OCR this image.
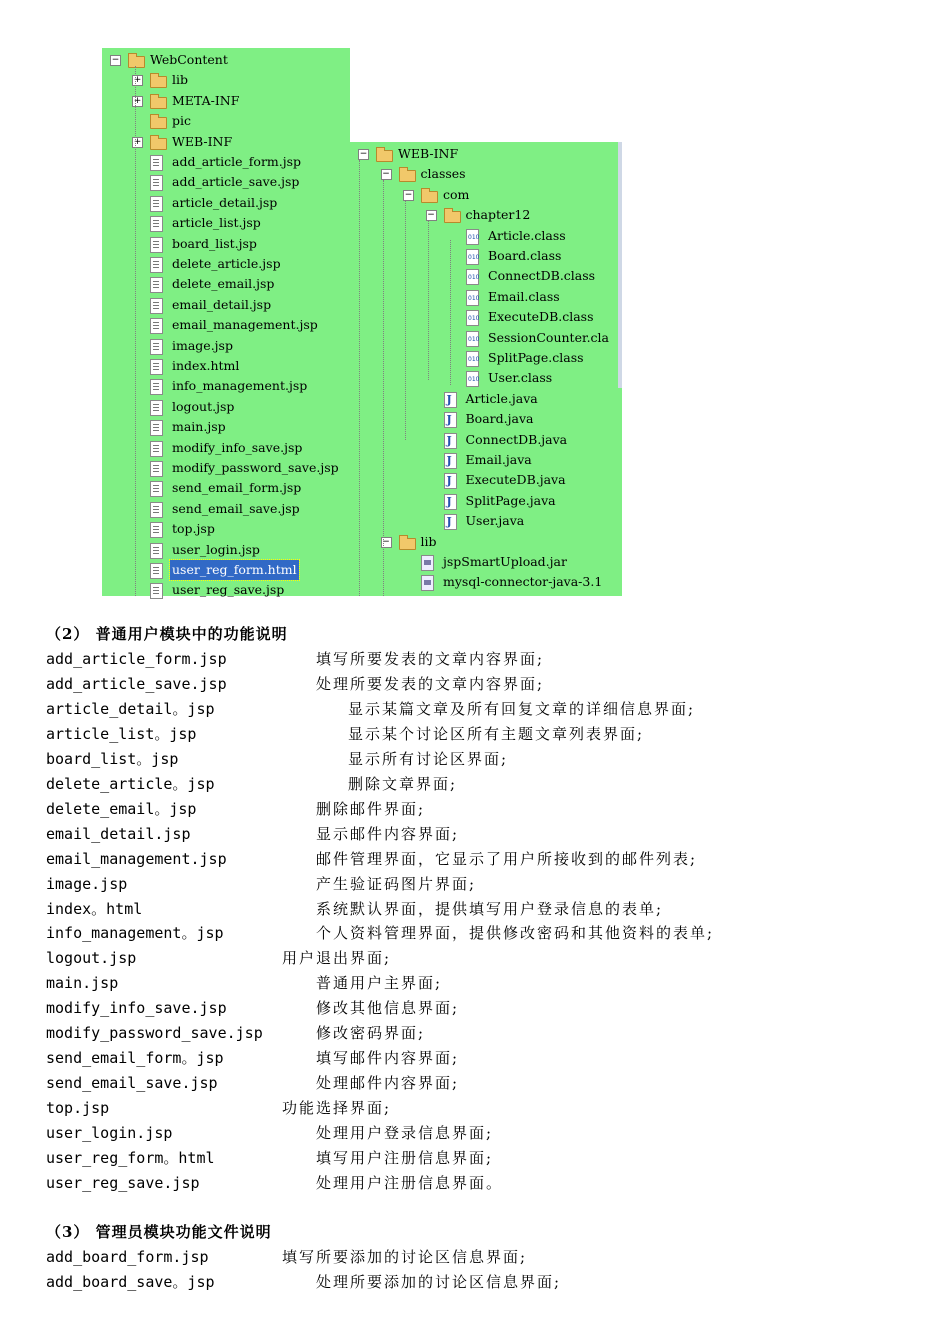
− WebContent
+ lib
+ META-INF
pic
+ WEB-INF
add_article_form.jsp
add_article_save.jsp
article_detail.jsp
article_list.jsp
board_list.jsp
delete_article.jsp
delete_email.jsp
email_detail.jsp
email_management.jsp
image.jsp
index.html
info_management.jsp
logout.jsp
main.jsp
modify_info_save.jsp
modify_password_save.jsp
send_email_form.jsp
send_email_save.jsp
top.jsp
user_login.jsp
user_reg_form.html
user_reg_save.jsp
− WEB-INF
− classes
− com
− chapter12
010
Article.class
010
Board.class
010
ConnectDB.class
010
Email.class
010
ExecuteDB.class
010
SessionCounter.cla
010
SplitPage.class
010
User.class
J
Article.java
J
Board.java
J
ConnectDB.java
J
Email.java
J
ExecuteDB.java
J
SplitPage.java
J
User.java
− lib
jspSmartUpload.jar
mysql-connector-java-3.1
（2） 普通用户模块中的功能说明
add_article_form.jsp	填写所要发表的文章内容界面;
add_article_save.jsp	处理所要发表的文章内容界面;
article_detail。jsp	显示某篇文章及所有回复文章的详细信息界面;
article_list。jsp	显示某个讨论区所有主题文章列表界面;
board_list。jsp	显示所有讨论区界面;
delete_article。jsp	删除文章界面;
delete_email。jsp	删除邮件界面;
email_detail.jsp	显示邮件内容界面;
email_management.jsp	邮件管理界面，它显示了用户所接收到的邮件列表;
image.jsp	产生验证码图片界面;
index。html	系统默认界面，提供填写用户登录信息的表单;
info_management。jsp	个人资料管理界面，提供修改密码和其他资料的表单;
logout.jsp	用户退出界面;
main.jsp	普通用户主界面;
modify_info_save.jsp	修改其他信息界面;
modify_password_save.jsp	修改密码界面;
send_email_form。jsp	填写邮件内容界面;
send_email_save.jsp	处理邮件内容界面;
top.jsp	功能选择界面;
user_login.jsp	处理用户登录信息界面;
user_reg_form。html	填写用户注册信息界面;
user_reg_save.jsp	处理用户注册信息界面。
（3） 管理员模块功能文件说明
add_board_form.jsp	填写所要添加的讨论区信息界面;
add_board_save。jsp	处理所要添加的讨论区信息界面;
